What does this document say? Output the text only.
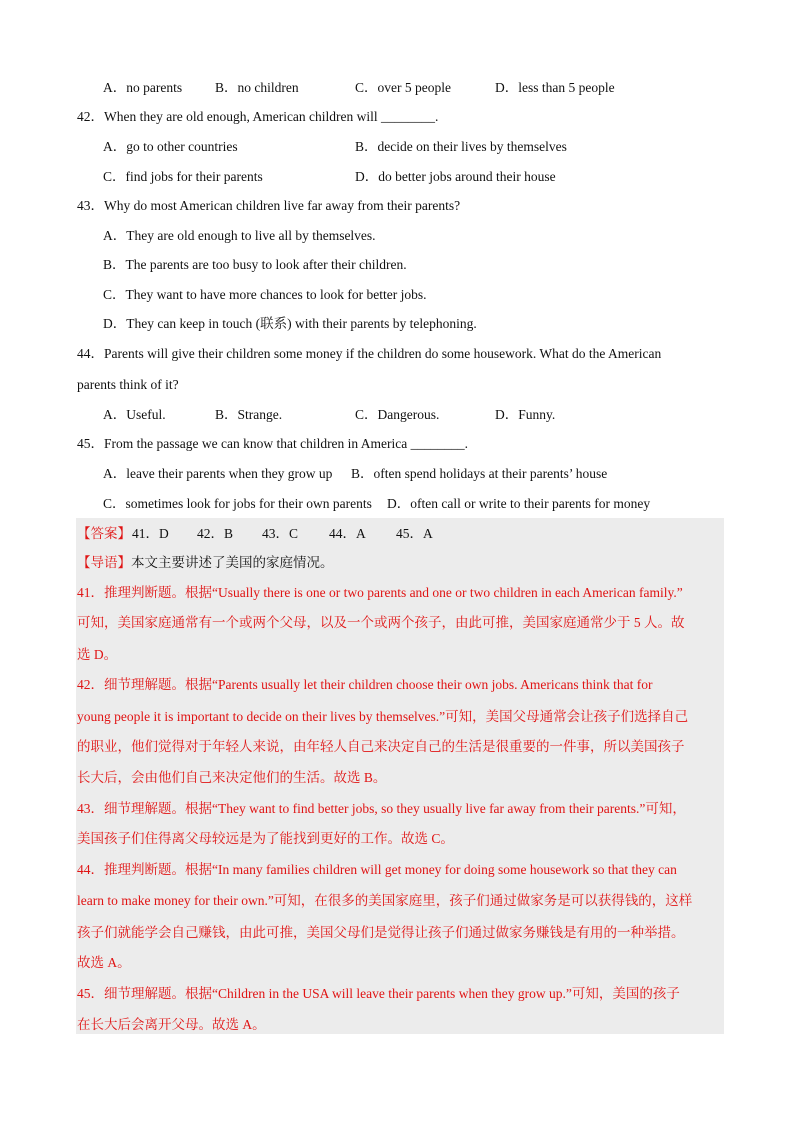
A．no parents B．no children	C．over 5 people	D．less than 5 people
42．When they are old enough, American children will ________.
A．go to other countries	B．decide on their lives by themselves
C．find jobs for their parents	D．do better jobs around their house
43．Why do most American children live far away from their parents?
A．They are old enough to live all by themselves.
B．The parents are too busy to look after their children.
C．They want to have more chances to look for better jobs.
D．They can keep in touch (联系) with their parents by telephoning.
44．Parents will give their children some money if the children do some housework. What do the American
parents think of it?
A．Useful.	B．Strange.	C．Dangerous.	D．Funny.
45．From the passage we can know that children in America ________.
A．leave their parents when they grow up B．often spend holidays at their parents’ house
C．sometimes look for jobs for their own parents D．often call or write to their parents for money
【答案】 41．D 42．B 43．C 44．A 45．A
【导语】本文主要讲述了美国的家庭情况。
41．推理判断题。根据“Usually there is one or two parents and one or two children in each American family.”
可知，美国家庭通常有一个或两个父母，以及一个或两个孩子，由此可推，美国家庭通常少于 5 人。故
选 D。
42．细节理解题。根据“Parents usually let their children choose their own jobs. Americans think that for
young people it is important to decide on their lives by themselves.”可知，美国父母通常会让孩子们选择自己
的职业，他们觉得对于年轻人来说，由年轻人自己来决定自己的生活是很重要的一件事，所以美国孩子
长大后，会由他们自己来决定他们的生活。故选 B。
43．细节理解题。根据“They want to find better jobs, so they usually live far away from their parents.”可知，
美国孩子们住得离父母较远是为了能找到更好的工作。故选 C。
44．推理判断题。根据“In many families children will get money for doing some housework so that they can
learn to make money for their own.”可知，在很多的美国家庭里，孩子们通过做家务是可以获得钱的，这样
孩子们就能学会自己赚钱，由此可推，美国父母们是觉得让孩子们通过做家务赚钱是有用的一种举措。
故选 A。
45．细节理解题。根据“Children in the USA will leave their parents when they grow up.”可知，美国的孩子
在长大后会离开父母。故选 A。
